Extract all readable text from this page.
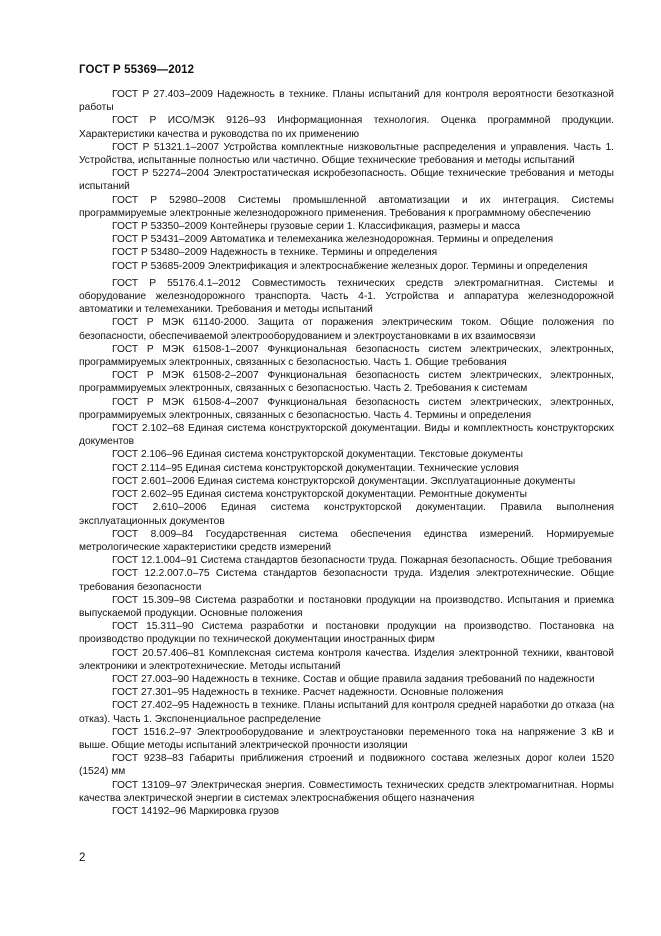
ГОСТ Р 55369—2012

ГОСТ Р 27.403–2009 Надежность в технике. Планы испытаний для контроля вероятности безотказной работы

ГОСТ Р ИСО/МЭК 9126–93 Информационная технология. Оценка программной продукции. Характеристики качества и руководства по их применению

ГОСТ Р 51321.1–2007 Устройства комплектные низковольтные распределения и управления. Часть 1. Устройства, испытанные полностью или частично. Общие технические требования и методы испытаний

ГОСТ Р 52274–2004 Электростатическая искробезопасность. Общие технические требования и методы испытаний

ГОСТ Р 52980–2008 Системы промышленной автоматизации и их интеграция. Системы программируемые электронные железнодорожного применения. Требования к программному обеспечению

ГОСТ Р 53350–2009 Контейнеры грузовые серии 1. Классификация, размеры и масса

ГОСТ Р 53431–2009 Автоматика и телемеханика железнодорожная. Термины и определения

ГОСТ Р 53480–2009 Надежность в технике. Термины и определения

ГОСТ Р 53685-2009 Электрификация и электроснабжение железных дорог. Термины и определения

ГОСТ Р 55176.4.1–2012 Совместимость технических средств электромагнитная. Системы и оборудование железнодорожного транспорта. Часть 4-1. Устройства и аппаратура железнодорожной автоматики и телемеханики. Требования и методы испытаний

ГОСТ Р МЭК 61140-2000. Защита от поражения электрическим током. Общие положения по безопасности, обеспечиваемой электрооборудованием и электроустановками в их взаимосвязи

ГОСТ Р МЭК 61508-1–2007 Функциональная безопасность систем электрических, электронных, программируемых электронных, связанных с безопасностью. Часть 1. Общие требования

ГОСТ Р МЭК 61508-2–2007 Функциональная безопасность систем электрических, электронных, программируемых электронных, связанных с безопасностью. Часть 2. Требования к системам

ГОСТ Р МЭК 61508-4–2007 Функциональная безопасность систем электрических, электронных, программируемых электронных, связанных с безопасностью. Часть 4. Термины и определения

ГОСТ 2.102–68 Единая система конструкторской документации. Виды и комплектность конструкторских документов

ГОСТ 2.106–96 Единая система конструкторской документации. Текстовые документы

ГОСТ 2.114–95 Единая система конструкторской документации. Технические условия

ГОСТ 2.601–2006 Единая система конструкторской документации. Эксплуатационные документы

ГОСТ 2.602–95 Единая система конструкторской документации. Ремонтные документы

ГОСТ 2.610–2006 Единая система конструкторской документации. Правила выполнения эксплуатационных документов

ГОСТ 8.009–84 Государственная система обеспечения единства измерений. Нормируемые метрологические характеристики средств измерений

ГОСТ 12.1.004–91 Система стандартов безопасности труда. Пожарная безопасность. Общие требования

ГОСТ 12.2.007.0–75 Система стандартов безопасности труда. Изделия электротехнические. Общие требования безопасности

ГОСТ 15.309–98 Система разработки и постановки продукции на производство. Испытания и приемка выпускаемой продукции. Основные положения

ГОСТ 15.311–90 Система разработки и постановки продукции на производство. Постановка на производство продукции по технической документации иностранных фирм

ГОСТ 20.57.406–81 Комплексная система контроля качества. Изделия электронной техники, квантовой электроники и электротехнические. Методы испытаний

ГОСТ 27.003–90 Надежность в технике. Состав и общие правила задания требований по надежности

ГОСТ 27.301–95 Надежность в технике. Расчет надежности. Основные положения

ГОСТ 27.402–95 Надежность в технике. Планы испытаний для контроля средней наработки до отказа (на отказ). Часть 1. Экспоненциальное распределение

ГОСТ 1516.2–97 Электрооборудование и электроустановки переменного тока на напряжение 3 кВ и выше. Общие методы испытаний электрической прочности изоляции

ГОСТ 9238–83 Габариты приближения строений и подвижного состава железных дорог колеи 1520 (1524) мм

ГОСТ 13109–97 Электрическая энергия. Совместимость технических средств электромагнитная. Нормы качества электрической энергии в системах электроснабжения общего назначения

ГОСТ 14192–96 Маркировка грузов

2
